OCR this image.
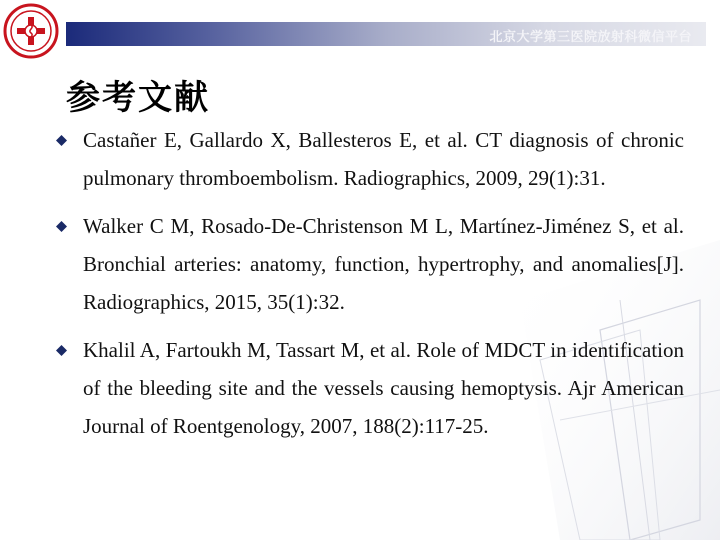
北京大学第三医院放射科微信平台
参考文献
Castañer E, Gallardo X, Ballesteros E, et al. CT diagnosis of chronic pulmonary thromboembolism. Radiographics, 2009, 29(1):31.
Walker C M, Rosado-De-Christenson M L, Martínez-Jiménez S, et al. Bronchial arteries: anatomy, function, hypertrophy, and anomalies[J]. Radiographics, 2015, 35(1):32.
Khalil A, Fartoukh M, Tassart M, et al. Role of MDCT in identification of the bleeding site and the vessels causing hemoptysis. Ajr American Journal of Roentgenology, 2007, 188(2):117-25.
